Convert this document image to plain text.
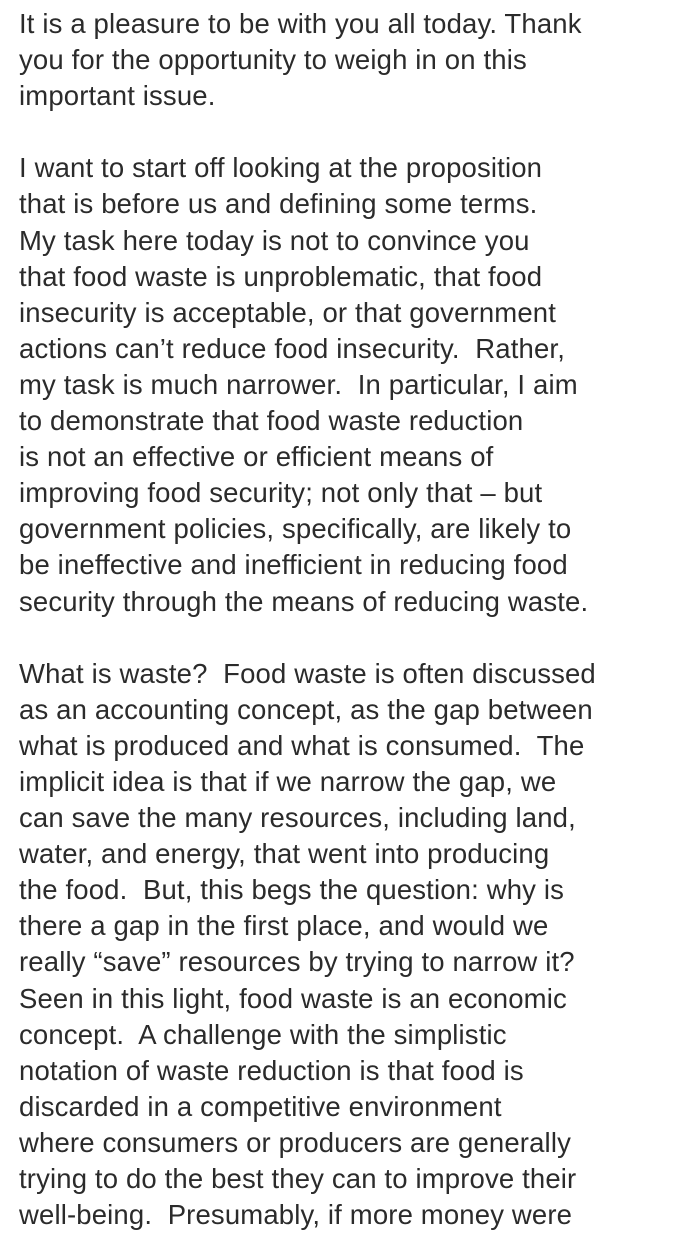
It is a pleasure to be with you all today. Thank
you for the opportunity to weigh in on this
important issue.
I want to start off looking at the proposition
that is before us and defining some terms.
My task here today is not to convince you
that food waste is unproblematic, that food
insecurity is acceptable, or that government
actions can’t reduce food insecurity.  Rather,
my task is much narrower.  In particular, I aim
to demonstrate that food waste reduction
is not an effective or efficient means of
improving food security; not only that – but
government policies, specifically, are likely to
be ineffective and inefficient in reducing food
security through the means of reducing waste.
What is waste?  Food waste is often discussed
as an accounting concept, as the gap between
what is produced and what is consumed.  The
implicit idea is that if we narrow the gap, we
can save the many resources, including land,
water, and energy, that went into producing
the food.  But, this begs the question: why is
there a gap in the first place, and would we
really “save” resources by trying to narrow it?
Seen in this light, food waste is an economic
concept.  A challenge with the simplistic
notation of waste reduction is that food is
discarded in a competitive environment
where consumers or producers are generally
trying to do the best they can to improve their
well-being.  Presumably, if more money were
